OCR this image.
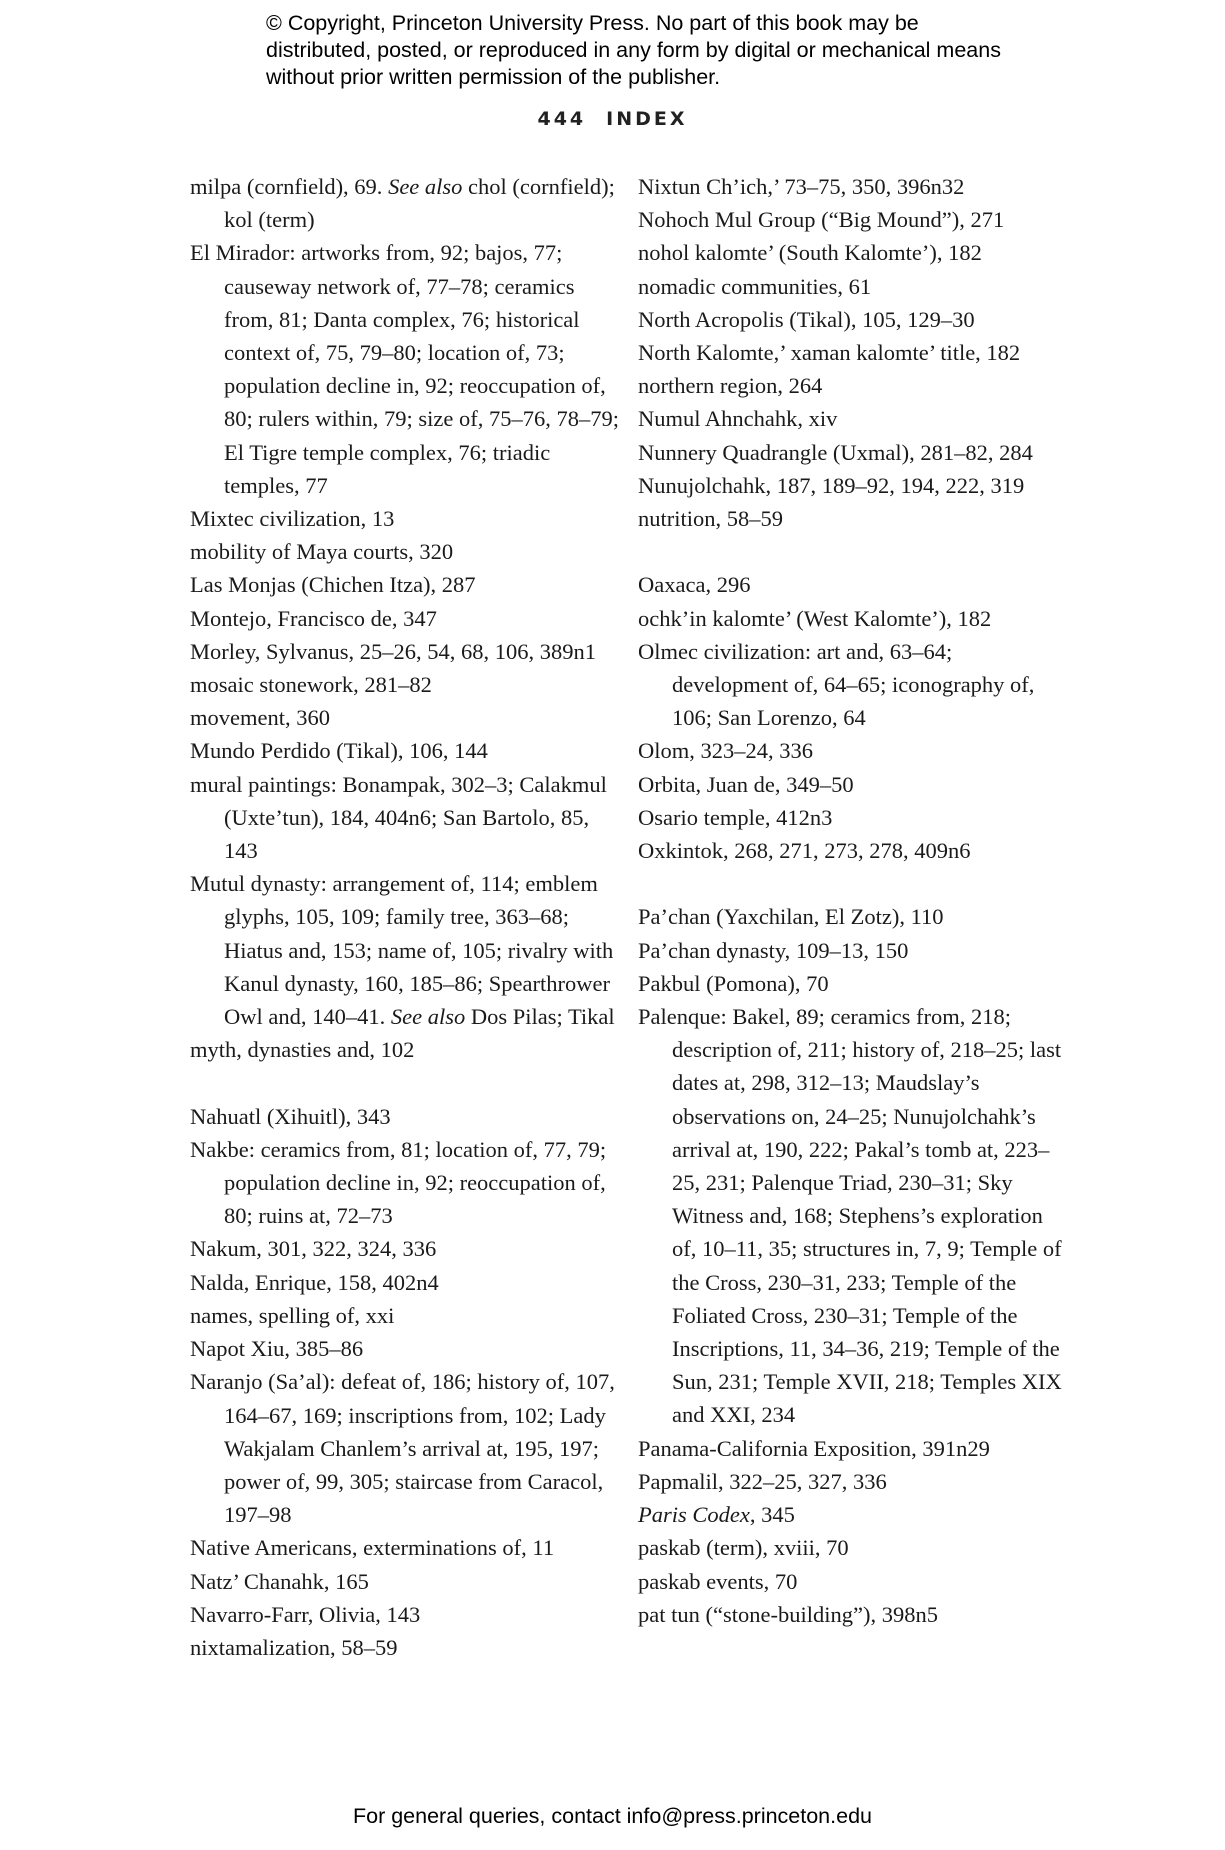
© Copyright, Princeton University Press. No part of this book may be distributed, posted, or reproduced in any form by digital or mechanical means without prior written permission of the publisher.
444 INDEX
milpa (cornfield), 69. See also chol (cornfield); kol (term)
El Mirador: artworks from, 92; bajos, 77; causeway network of, 77–78; ceramics from, 81; Danta complex, 76; historical context of, 75, 79–80; location of, 73; population decline in, 92; reoccupation of, 80; rulers within, 79; size of, 75–76, 78–79; El Tigre temple complex, 76; triadic temples, 77
Mixtec civilization, 13
mobility of Maya courts, 320
Las Monjas (Chichen Itza), 287
Montejo, Francisco de, 347
Morley, Sylvanus, 25–26, 54, 68, 106, 389n1
mosaic stonework, 281–82
movement, 360
Mundo Perdido (Tikal), 106, 144
mural paintings: Bonampak, 302–3; Calakmul (Uxte’tun), 184, 404n6; San Bartolo, 85, 143
Mutul dynasty: arrangement of, 114; emblem glyphs, 105, 109; family tree, 363–68; Hiatus and, 153; name of, 105; rivalry with Kanul dynasty, 160, 185–86; Spearthrower Owl and, 140–41. See also Dos Pilas; Tikal
myth, dynasties and, 102
Nahuatl (Xihuitl), 343
Nakbe: ceramics from, 81; location of, 77, 79; population decline in, 92; reoccupation of, 80; ruins at, 72–73
Nakum, 301, 322, 324, 336
Nalda, Enrique, 158, 402n4
names, spelling of, xxi
Napot Xiu, 385–86
Naranjo (Sa’al): defeat of, 186; history of, 107, 164–67, 169; inscriptions from, 102; Lady Wakjalam Chanlem’s arrival at, 195, 197; power of, 99, 305; staircase from Caracol, 197–98
Native Americans, exterminations of, 11
Natz’ Chanahk, 165
Navarro-Farr, Olivia, 143
nixtamalization, 58–59
Nixtun Ch’ich,’ 73–75, 350, 396n32
Nohoch Mul Group (“Big Mound”), 271
nohol kalomte’ (South Kalomte’), 182
nomadic communities, 61
North Acropolis (Tikal), 105, 129–30
North Kalomte,’ xaman kalomte’ title, 182
northern region, 264
Numul Ahnchahk, xiv
Nunnery Quadrangle (Uxmal), 281–82, 284
Nunujolchahk, 187, 189–92, 194, 222, 319
nutrition, 58–59
Oaxaca, 296
ochk’in kalomte’ (West Kalomte’), 182
Olmec civilization: art and, 63–64; development of, 64–65; iconography of, 106; San Lorenzo, 64
Olom, 323–24, 336
Orbita, Juan de, 349–50
Osario temple, 412n3
Oxkintok, 268, 271, 273, 278, 409n6
Pa’chan (Yaxchilan, El Zotz), 110
Pa’chan dynasty, 109–13, 150
Pakbul (Pomona), 70
Palenque: Bakel, 89; ceramics from, 218; description of, 211; history of, 218–25; last dates at, 298, 312–13; Maudslay’s observations on, 24–25; Nunujolchahk’s arrival at, 190, 222; Pakal’s tomb at, 223–25, 231; Palenque Triad, 230–31; Sky Witness and, 168; Stephens’s exploration of, 10–11, 35; structures in, 7, 9; Temple of the Cross, 230–31, 233; Temple of the Foliated Cross, 230–31; Temple of the Inscriptions, 11, 34–36, 219; Temple of the Sun, 231; Temple XVII, 218; Temples XIX and XXI, 234
Panama-California Exposition, 391n29
Papmalil, 322–25, 327, 336
Paris Codex, 345
paskab (term), xviii, 70
paskab events, 70
pat tun (“stone-building”), 398n5
For general queries, contact info@press.princeton.edu
